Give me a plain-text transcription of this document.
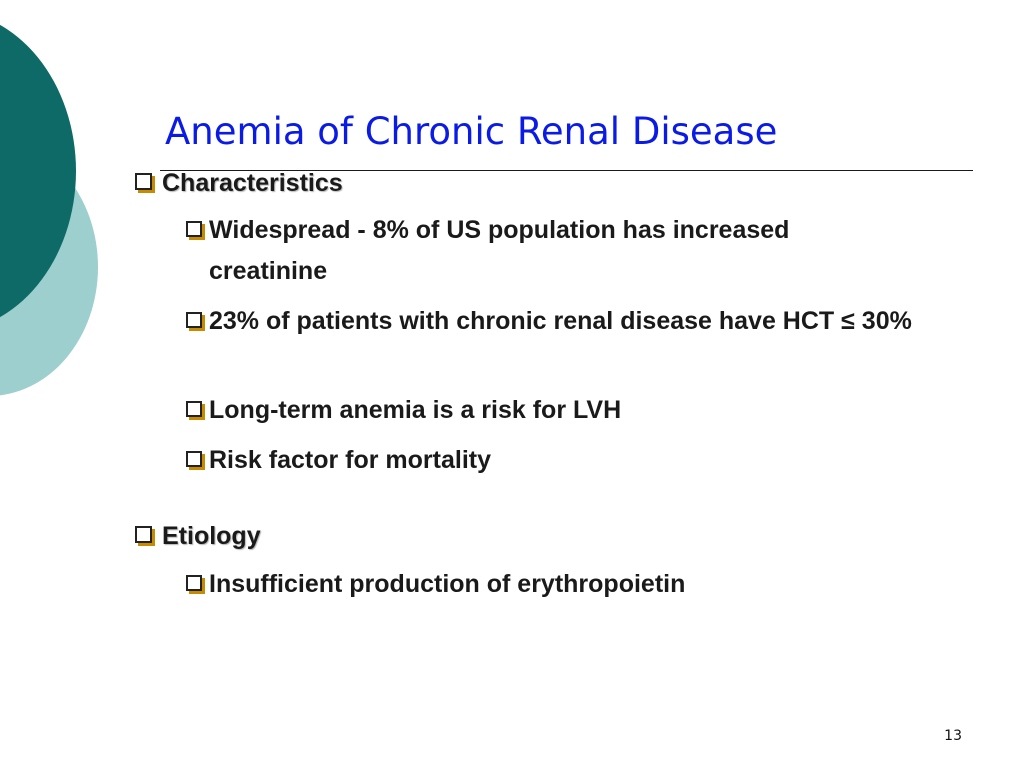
Anemia of Chronic Renal Disease
Characteristics
Widespread - 8% of US population has increased creatinine
23% of patients with chronic renal disease have HCT ≤ 30%
Long-term anemia is a risk for LVH
Risk factor for mortality
Etiology
Insufficient production of erythropoietin
13
